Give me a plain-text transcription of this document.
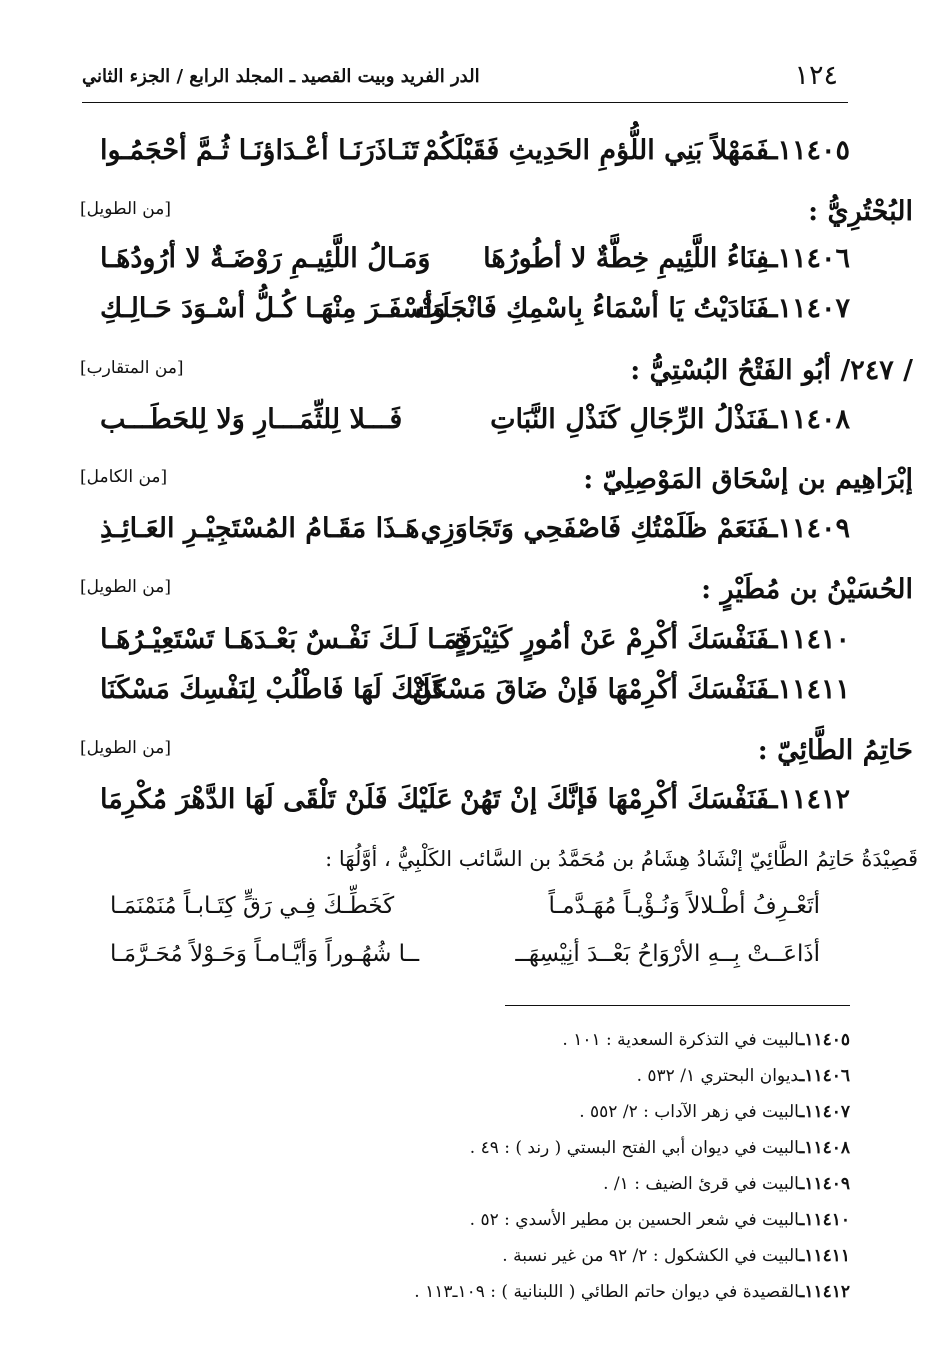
١٢٤
الدر الفريد وبيت القصيد ـ المجلد الرابع / الجزء الثاني
١١٤٠٥ـفَمَهْلاً بَنِي اللُّؤمِ الحَدِيثِ فَقَبْلَكُمْ
تَنَـاذَرَنَـا أعْـدَاؤنَـا ثُـمَّ أحْجَمُـوا
البُحْتُرِيُّ :
[من الطويل]
١١٤٠٦ـفِنَاءُ اللَّئِيمِ خِطَّةٌ لا أطُورُهَا
وَمَـالُ اللَّئِيـمِ رَوْضَـةٌ لا أرُودُهَـا
١١٤٠٧ـفَنَادَيْتُ يَا أسْمَاءُ بِاسْمِكِ فَانْجَلَتْ
وَأسْفَـرَ مِنْهَـا كُـلُّ أسْـوَدَ حَـالِـكِ
/ ٢٤٧/ أبُو الفَتْحُ البُسْتِيُّ :
[من المتقارب]
١١٤٠٨ـفَنَذْلُ الرِّجَالِ كَنَذْلِ النَّبَاتِ
فَـــلا لِلثِّمَـــارِ وَلا لِلحَطَـــب
إبْرَاهِيم بن إسْحَاق المَوْصِلِيّ :
[من الكامل]
١١٤٠٩ـفَنَعَمْ ظَلَمْتُكِ فَاصْفَحِي وَتَجَاوَزِي
هَـذَا مَقَـامُ المُسْتَجِيْـرِ العَـائِـذِ
الحُسَيْنُ بن مُطَيْرٍ :
[من الطويل]
١١٤١٠ـفَنَفْسَكَ أكْرِمْ عَنْ أمُورٍ كَثِيْرَةٍ
فَمَـا لَـكَ نَفْـسٌ بَعْـدَهَـا تَسْتَعِيْـرُهَـا
١١٤١١ـفَنَفْسَكَ أكْرِمْهَا فَإنْ ضَاقَ مَسْكَنٌ
عَلَيْكَ لَهَا فَاطْلُبْ لِنَفْسِكَ مَسْكَنَا
حَاتِمُ الطَّائِيّ :
[من الطويل]
١١٤١٢ـفَنَفْسَكَ أكْرِمْهَا فَإنَّكَ إنْ تَهُنْ
عَلَيْكَ فَلَنْ تَلْقَى لَهَا الدَّهْرَ مُكْرِمَا
قَصِيْدَةُ حَاتِمُ الطَّائِيّ إنْشَادُ هِشَامُ بن مُحَمَّدُ بن السَّائب الكَلْبِيُّ ، أوَّلُهَا :
أتَعْـرِفُ أطْـلالاً وَنُـؤْيـاً مُهَـدَّمـاً
كَخَطِّـكَ فِـي رَقٍّ كِتَـابـاً مُنَمْنَمَـا
أذَاعَــتْ بِــهِ الأرْوَاحُ بَعْــدَ أنِيْسِهَــ
ــا شُهُـوراً وَأيَّـامـاً وَحَـوْلاً مُحَـرَّمَـا
١١٤٠٥ـالبيت في التذكرة السعدية : ١٠١ .
١١٤٠٦ـديوان البحتري ١/ ٥٣٢ .
١١٤٠٧ـالبيت في زهر الآداب : ٢/ ٥٥٢ .
١١٤٠٨ـالبيت في ديوان أبي الفتح البستي ( رند ) : ٤٩ .
١١٤٠٩ـالبيت في قرئ الضيف : ١/ .
١١٤١٠ـالبيت في شعر الحسين بن مطير الأسدي : ٥٢ .
١١٤١١ـالبيت في الكشكول : ٢/ ٩٢ من غير نسبة .
١١٤١٢ـالقصيدة في ديوان حاتم الطائي ( اللبنانية ) : ١٠٩ـ١١٣ .
